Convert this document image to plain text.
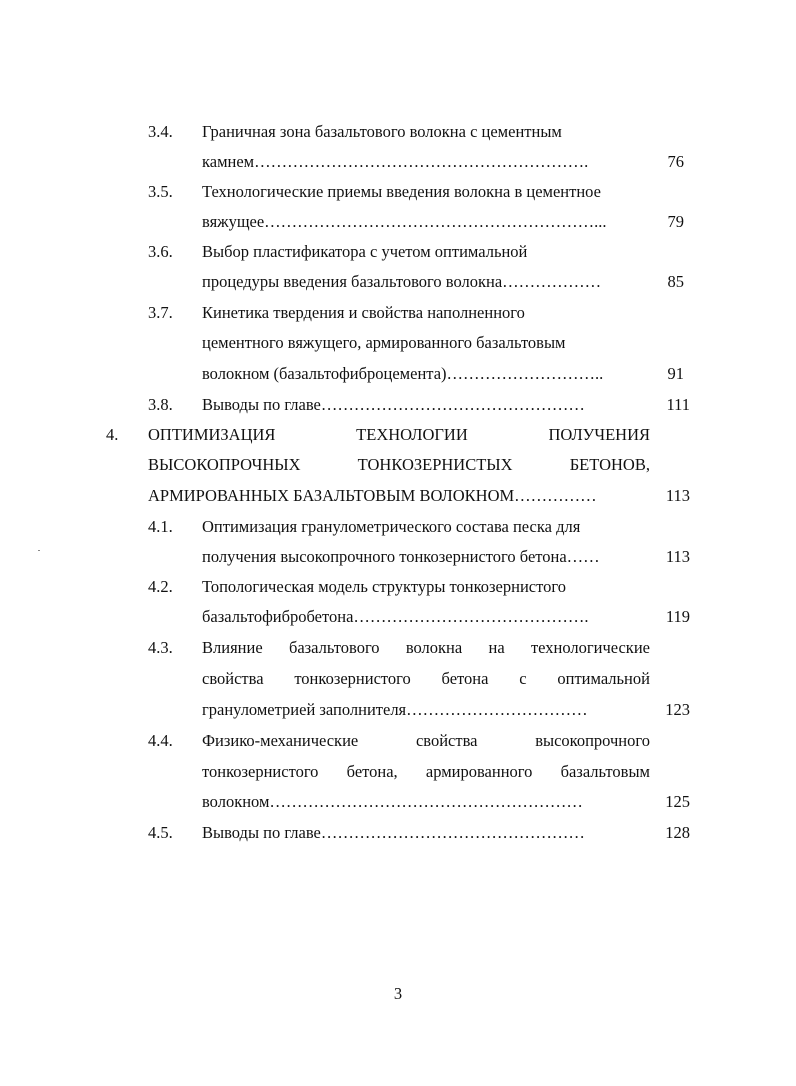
3.4. Граничная зона базальтового волокна с цементным
камнем…………………………………………………….	76
3.5. Технологические приемы введения волокна в цементное
вяжущее……………………………………………………...	79
3.6. Выбор пластификатора с учетом оптимальной
процедуры введения базальтового волокна………………	85
3.7. Кинетика твердения и свойства наполненного
цементного вяжущего, армированного базальтовым
волокном (базальтофиброцемента)………………………..	91
3.8. Выводы по главе…………………………………………	111
4. ОПТИМИЗАЦИЯ	ТЕХНОЛОГИИ	ПОЛУЧЕНИЯ
ВЫСОКОПРОЧНЫХ	ТОНКОЗЕРНИСТЫХ	БЕТОНОВ,
АРМИРОВАННЫХ БАЗАЛЬТОВЫМ ВОЛОКНОМ……………	113
4.1. Оптимизация гранулометрического состава песка для
получения высокопрочного тонкозернистого бетона……	113
4.2. Топологическая модель структуры тонкозернистого
базальтофибробетона…………………………………….	119
4.3. Влияние базальтового волокна на технологические
свойства тонкозернистого бетона с оптимальной
гранулометрией заполнителя……………………………	123
4.4. Физико-механические	свойства	высокопрочного
тонкозернистого бетона, армированного базальтовым
волокном…………………………………………………	125
4.5. Выводы по главе…………………………………………	128
3
